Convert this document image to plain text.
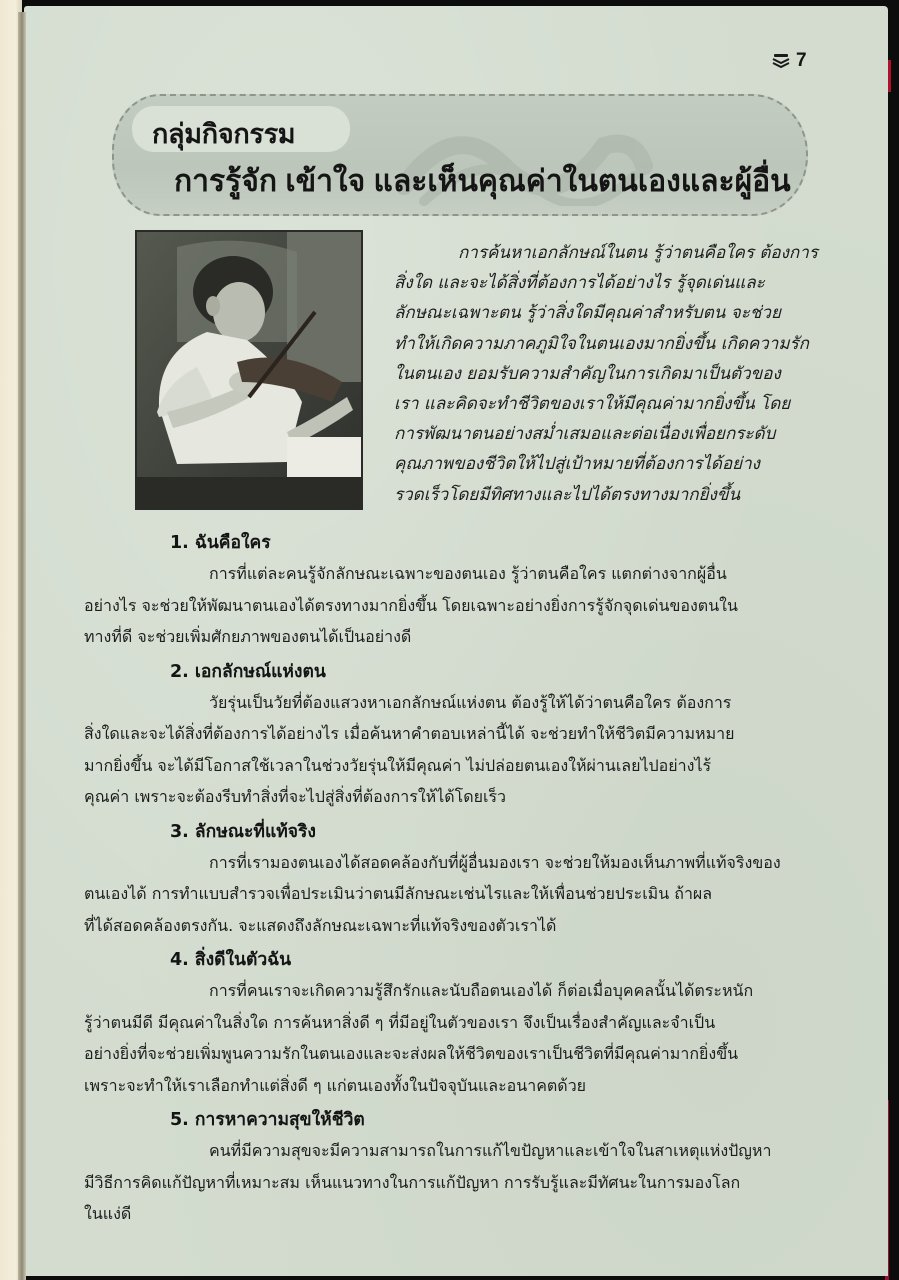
7
กลุ่มกิจกรรม
การรู้จัก เข้าใจ และเห็นคุณค่าในตนเองและผู้อื่น
การค้นหาเอกลักษณ์ในตน รู้ว่าตนคือใคร ต้องการ
สิ่งใด และจะได้สิ่งที่ต้องการได้อย่างไร รู้จุดเด่นและ
ลักษณะเฉพาะตน รู้ว่าสิ่งใดมีคุณค่าสำหรับตน จะช่วย
ทำให้เกิดความภาคภูมิใจในตนเองมากยิ่งขึ้น เกิดความรัก
ในตนเอง ยอมรับความสำคัญในการเกิดมาเป็นตัวของ
เรา และคิดจะทำชีวิตของเราให้มีคุณค่ามากยิ่งขึ้น โดย
การพัฒนาตนอย่างสม่ำเสมอและต่อเนื่องเพื่อยกระดับ
คุณภาพของชีวิตให้ไปสู่เป้าหมายที่ต้องการได้อย่าง
รวดเร็วโดยมีทิศทางและไปได้ตรงทางมากยิ่งขึ้น
1. ฉันคือใคร
การที่แต่ละคนรู้จักลักษณะเฉพาะของตนเอง รู้ว่าตนคือใคร แตกต่างจากผู้อื่น
อย่างไร จะช่วยให้พัฒนาตนเองได้ตรงทางมากยิ่งขึ้น โดยเฉพาะอย่างยิ่งการรู้จักจุดเด่นของตนใน
ทางที่ดี จะช่วยเพิ่มศักยภาพของตนได้เป็นอย่างดี
2. เอกลักษณ์แห่งตน
วัยรุ่นเป็นวัยที่ต้องแสวงหาเอกลักษณ์แห่งตน ต้องรู้ให้ได้ว่าตนคือใคร ต้องการ
สิ่งใดและจะได้สิ่งที่ต้องการได้อย่างไร เมื่อค้นหาคำตอบเหล่านี้ได้ จะช่วยทำให้ชีวิตมีความหมาย
มากยิ่งขึ้น จะได้มีโอกาสใช้เวลาในช่วงวัยรุ่นให้มีคุณค่า ไม่ปล่อยตนเองให้ผ่านเลยไปอย่างไร้
คุณค่า เพราะจะต้องรีบทำสิ่งที่จะไปสู่สิ่งที่ต้องการให้ได้โดยเร็ว
3. ลักษณะที่แท้จริง
การที่เรามองตนเองได้สอดคล้องกับที่ผู้อื่นมองเรา จะช่วยให้มองเห็นภาพที่แท้จริงของ
ตนเองได้ การทำแบบสำรวจเพื่อประเมินว่าตนมีลักษณะเช่นไรและให้เพื่อนช่วยประเมิน ถ้าผล
ที่ได้สอดคล้องตรงกัน. จะแสดงถึงลักษณะเฉพาะที่แท้จริงของตัวเราได้
4. สิ่งดีในตัวฉัน
การที่คนเราจะเกิดความรู้สึกรักและนับถือตนเองได้ ก็ต่อเมื่อบุคคลนั้นได้ตระหนัก
รู้ว่าตนมีดี มีคุณค่าในสิ่งใด การค้นหาสิ่งดี ๆ ที่มีอยู่ในตัวของเรา จึงเป็นเรื่องสำคัญและจำเป็น
อย่างยิ่งที่จะช่วยเพิ่มพูนความรักในตนเองและจะส่งผลให้ชีวิตของเราเป็นชีวิตที่มีคุณค่ามากยิ่งขึ้น
เพราะจะทำให้เราเลือกทำแต่สิ่งดี ๆ แก่ตนเองทั้งในปัจจุบันและอนาคตด้วย
5. การหาความสุขให้ชีวิต
คนที่มีความสุขจะมีความสามารถในการแก้ไขปัญหาและเข้าใจในสาเหตุแห่งปัญหา
มีวิธีการคิดแก้ปัญหาที่เหมาะสม เห็นแนวทางในการแก้ปัญหา การรับรู้และมีทัศนะในการมองโลก
ในแง่ดี
